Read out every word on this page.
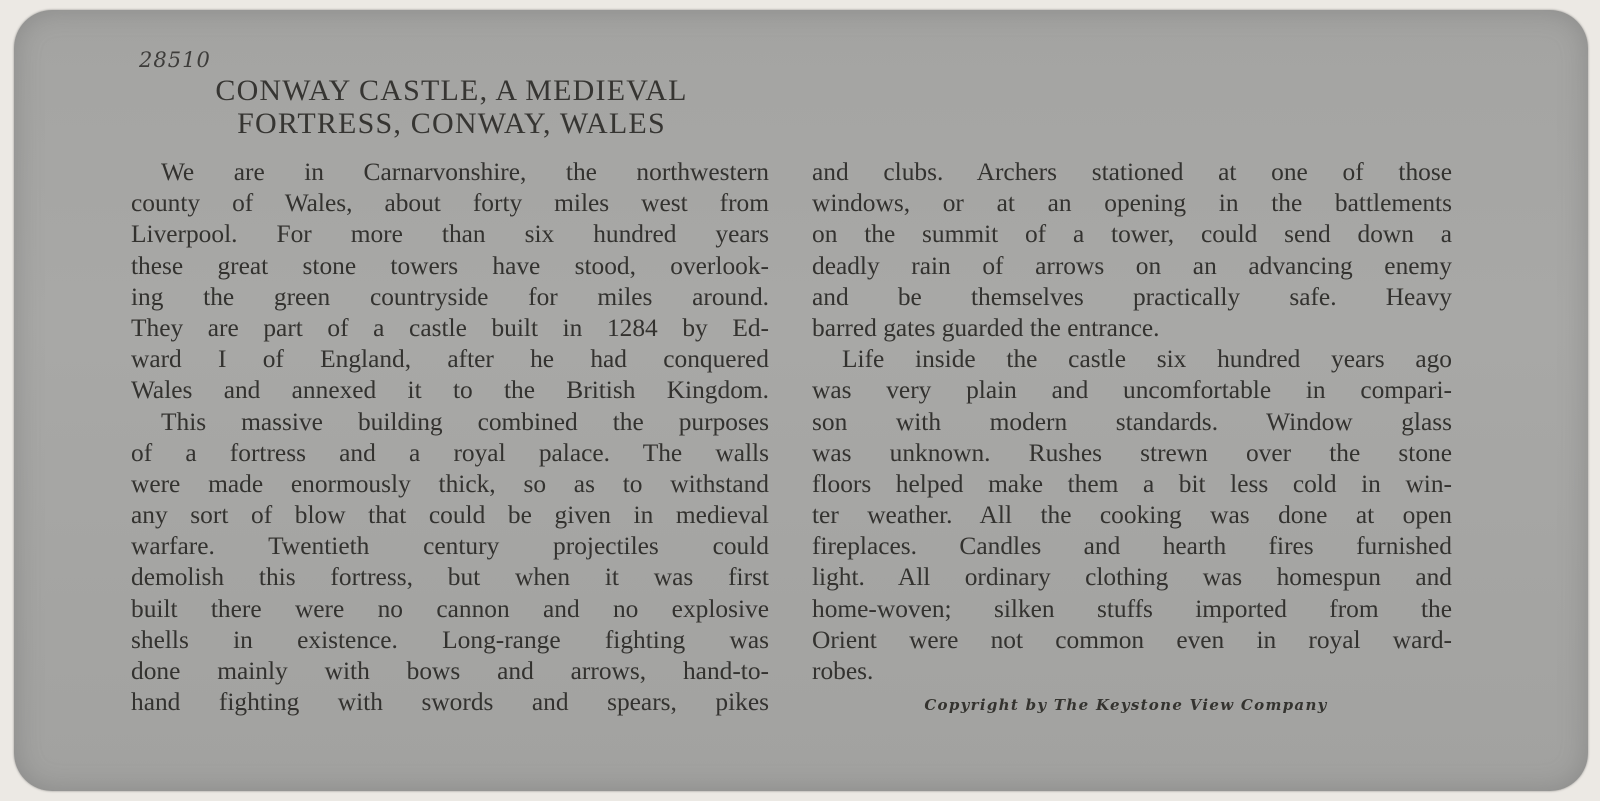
28510
CONWAY CASTLE, A MEDIEVAL
FORTRESS, CONWAY, WALES
We are in Carnarvonshire, the northwestern
county of Wales, about forty miles west from
Liverpool. For more than six hundred years
these great stone towers have stood, overlook-
ing the green countryside for miles around.
They are part of a castle built in 1284 by Ed-
ward I of England, after he had conquered
Wales and annexed it to the British Kingdom.
This massive building combined the purposes
of a fortress and a royal palace. The walls
were made enormously thick, so as to withstand
any sort of blow that could be given in medieval
warfare. Twentieth century projectiles could
demolish this fortress, but when it was first
built there were no cannon and no explosive
shells in existence. Long-range fighting was
done mainly with bows and arrows, hand-to-
hand fighting with swords and spears, pikes
and clubs. Archers stationed at one of those
windows, or at an opening in the battlements
on the summit of a tower, could send down a
deadly rain of arrows on an advancing enemy
and be themselves practically safe. Heavy
barred gates guarded the entrance.
Life inside the castle six hundred years ago
was very plain and uncomfortable in compari-
son with modern standards. Window glass
was unknown. Rushes strewn over the stone
floors helped make them a bit less cold in win-
ter weather. All the cooking was done at open
fireplaces. Candles and hearth fires furnished
light. All ordinary clothing was homespun and
home-woven; silken stuffs imported from the
Orient were not common even in royal ward-
robes.
Copyright by The Keystone View Company
